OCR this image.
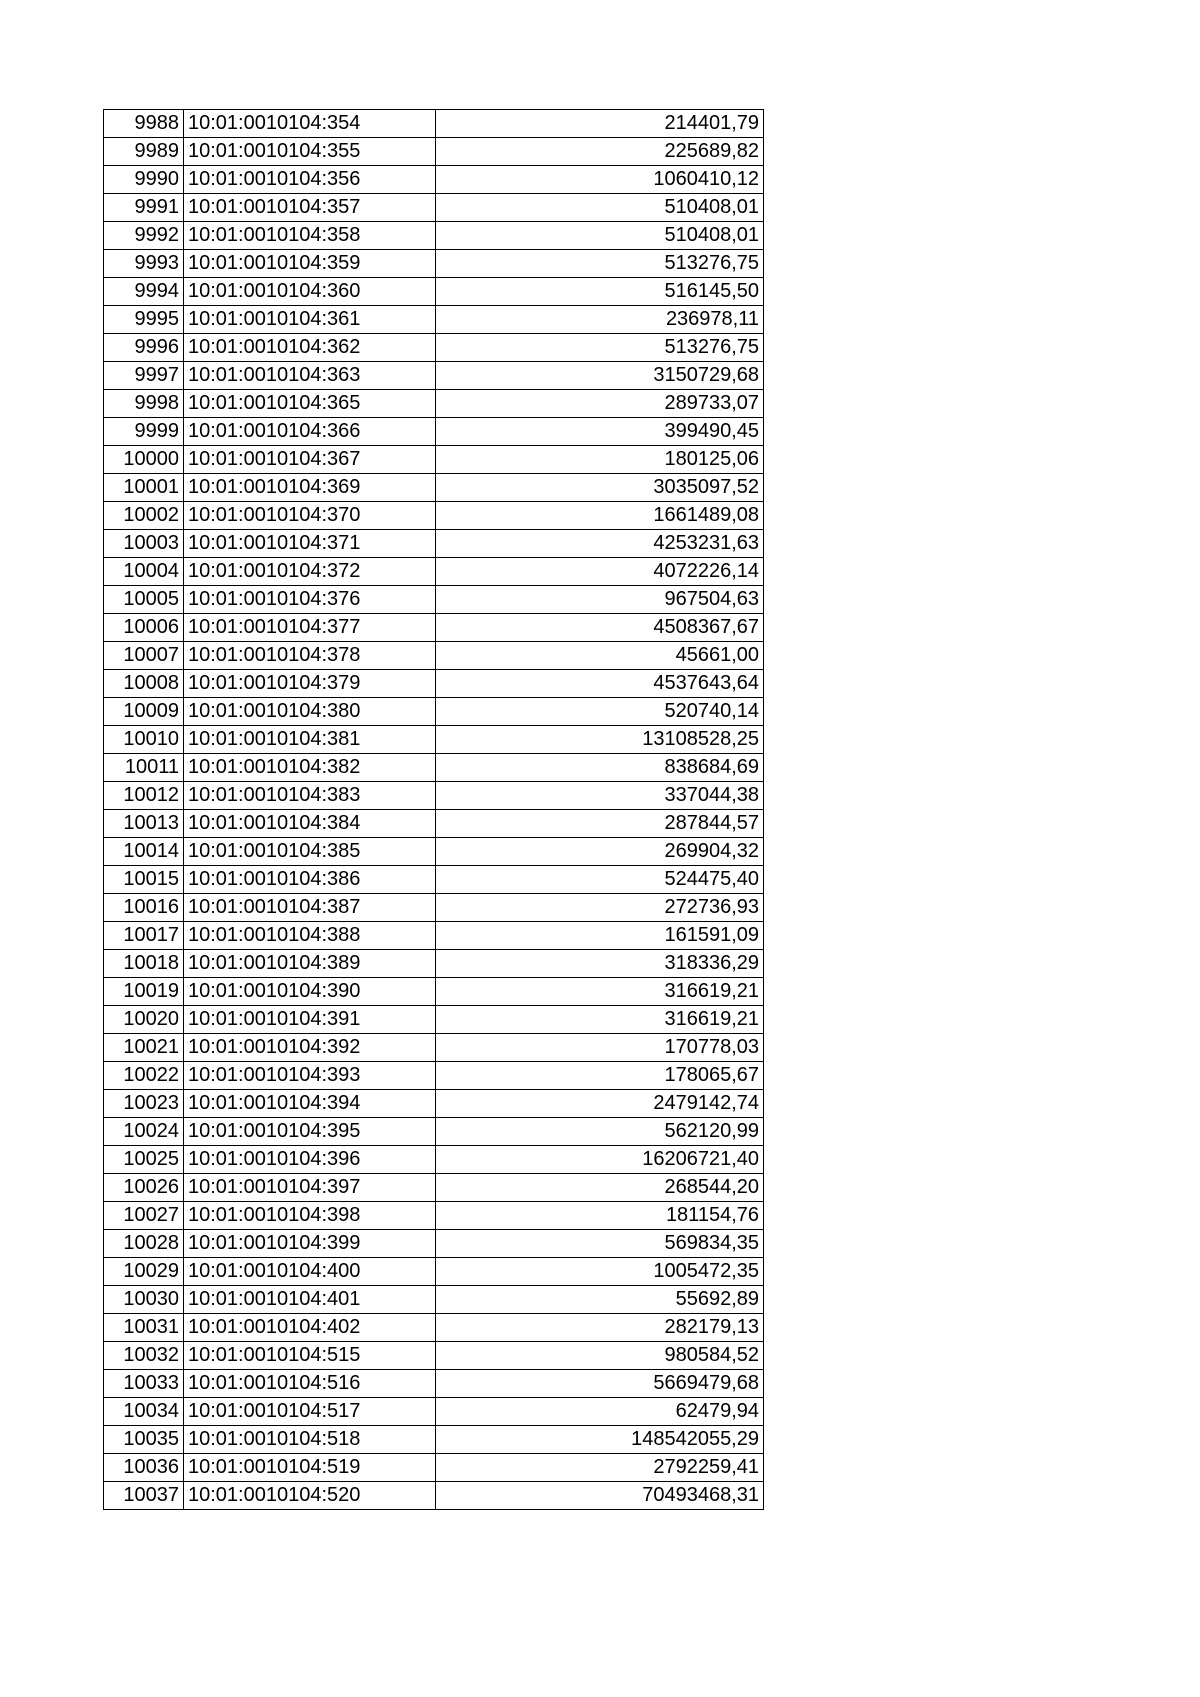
9988	10:01:0010104:354	214401,79
9989	10:01:0010104:355	225689,82
9990	10:01:0010104:356	1060410,12
9991	10:01:0010104:357	510408,01
9992	10:01:0010104:358	510408,01
9993	10:01:0010104:359	513276,75
9994	10:01:0010104:360	516145,50
9995	10:01:0010104:361	236978,11
9996	10:01:0010104:362	513276,75
9997	10:01:0010104:363	3150729,68
9998	10:01:0010104:365	289733,07
9999	10:01:0010104:366	399490,45
10000	10:01:0010104:367	180125,06
10001	10:01:0010104:369	3035097,52
10002	10:01:0010104:370	1661489,08
10003	10:01:0010104:371	4253231,63
10004	10:01:0010104:372	4072226,14
10005	10:01:0010104:376	967504,63
10006	10:01:0010104:377	4508367,67
10007	10:01:0010104:378	45661,00
10008	10:01:0010104:379	4537643,64
10009	10:01:0010104:380	520740,14
10010	10:01:0010104:381	13108528,25
10011	10:01:0010104:382	838684,69
10012	10:01:0010104:383	337044,38
10013	10:01:0010104:384	287844,57
10014	10:01:0010104:385	269904,32
10015	10:01:0010104:386	524475,40
10016	10:01:0010104:387	272736,93
10017	10:01:0010104:388	161591,09
10018	10:01:0010104:389	318336,29
10019	10:01:0010104:390	316619,21
10020	10:01:0010104:391	316619,21
10021	10:01:0010104:392	170778,03
10022	10:01:0010104:393	178065,67
10023	10:01:0010104:394	2479142,74
10024	10:01:0010104:395	562120,99
10025	10:01:0010104:396	16206721,40
10026	10:01:0010104:397	268544,20
10027	10:01:0010104:398	181154,76
10028	10:01:0010104:399	569834,35
10029	10:01:0010104:400	1005472,35
10030	10:01:0010104:401	55692,89
10031	10:01:0010104:402	282179,13
10032	10:01:0010104:515	980584,52
10033	10:01:0010104:516	5669479,68
10034	10:01:0010104:517	62479,94
10035	10:01:0010104:518	148542055,29
10036	10:01:0010104:519	2792259,41
10037	10:01:0010104:520	70493468,31
